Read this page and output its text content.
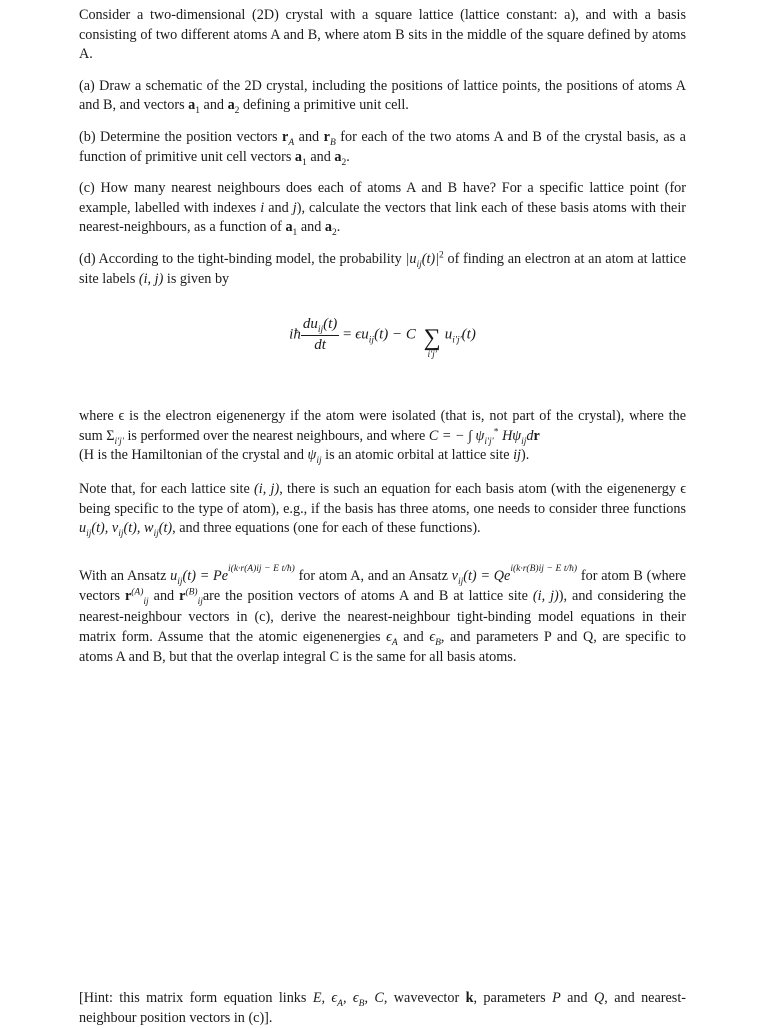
Consider a two-dimensional (2D) crystal with a square lattice (lattice constant: a), and with a basis consisting of two different atoms A and B, where atom B sits in the middle of the square defined by atoms A.

(a) Draw a schematic of the 2D crystal, including the positions of lattice points, the positions of atoms A and B, and vectors $a_1$ and $a_2$ defining a primitive unit cell.

(b) Determine the position vectors $r_A$ and $r_B$ for each of the two atoms A and B of the crystal basis, as a function of primitive unit cell vectors $a_1$ and $a_2$.

(c) How many nearest neighbours does each of atoms A and B have? For a specific lattice point (for example, labelled with indexes i and j), calculate the vectors that link each of these basis atoms with their nearest-neighbours, as a function of $a_1$ and $a_2$.

(d) According to the tight-binding model, the probability $|u_{ij}(t)|^2$ of finding an electron at an atom at lattice site labels (i, j) is given by

iħ $\frac{du_{ij}(t)}{dt} = \epsilon u_{ij}(t) - C$ ∑
i′j′
$u_{i'j'}(t)$

where ϵ is the electron eigenenergy if the atom were isolated (that is, not part of the crystal), where the sum $\Sigma_{i'j'}$ is performed over the nearest neighbours, and where C = − ∫ $\psi_{i'j'}^*$ $H\psi_{ij}dr$
(H is the Hamiltonian of the crystal and $\psi_{ij}$ is an atomic orbital at lattice site ij).

Note that, for each lattice site (i, j), there is such an equation for each basis atom (with the eigenenergy ϵ being specific to the type of atom), e.g., if the basis has three atoms, one needs to consider three functions $u_{ij}(t)$, $v_{ij}(t)$, $w_{ij}(t)$, and three equations (one for each of these functions).

With an Ansatz $u_{ij}(t) = Pe^{i(k\cdot r(A)ij - E t/ħ)}$ for atom A, and an Ansatz $v_{ij}(t) = Qe^{i(k\cdot r(B)ij - E t/ħ)}$ for atom B (where vectors $r^{(A)}_{ij}$ and $r^{(B)}_{ij}are$ the position vectors of atoms A and B at lattice site (i, j)), and considering the nearest-neighbour vectors in (c), derive the nearest-neighbour tight-binding model equations in their matrix form. Assume that the atomic eigenenergies $\epsilon_A$ and $\epsilon_B$, and parameters P and Q, are specific to atoms A and B, but that the overlap integral C is the same for all basis atoms.

[Hint: this matrix form equation links E, $\epsilon_A$, $\epsilon_B$, C, wavevector k, parameters P and Q, and nearest-neighbour position vectors in (c)].
